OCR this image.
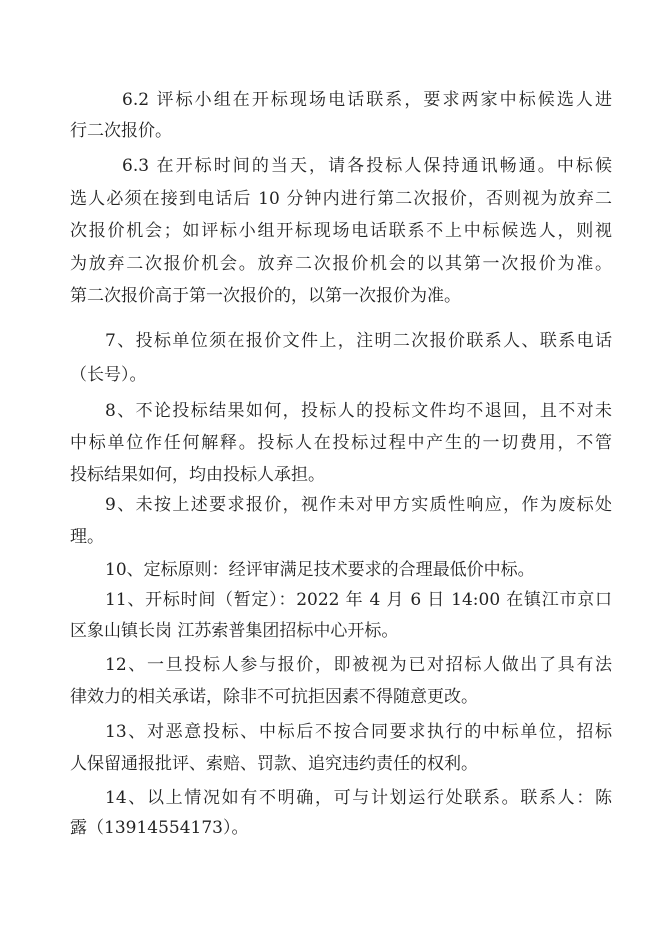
6.2 评标小组在开标现场电话联系，要求两家中标候选人进
行二次报价。
6.3 在开标时间的当天，请各投标人保持通讯畅通。中标候
选人必须在接到电话后 10 分钟内进行第二次报价，否则视为放弃二
次报价机会；如评标小组开标现场电话联系不上中标候选人，则视
为放弃二次报价机会。放弃二次报价机会的以其第一次报价为准。
第二次报价高于第一次报价的，以第一次报价为准。
7、投标单位须在报价文件上，注明二次报价联系人、联系电话
（长号）。
8、不论投标结果如何，投标人的投标文件均不退回，且不对未
中标单位作任何解释。投标人在投标过程中产生的一切费用，不管
投标结果如何，均由投标人承担。
9、未按上述要求报价，视作未对甲方实质性响应，作为废标处
理。
10、定标原则：经评审满足技术要求的合理最低价中标。
11、开标时间（暂定）：2022 年 4 月 6 日 14:00 在镇江市京口
区象山镇长岗 江苏索普集团招标中心开标。
12、一旦投标人参与报价，即被视为已对招标人做出了具有法
律效力的相关承诺，除非不可抗拒因素不得随意更改。
13、对恶意投标、中标后不按合同要求执行的中标单位，招标
人保留通报批评、索赔、罚款、追究违约责任的权利。
14、以上情况如有不明确，可与计划运行处联系。联系人：陈
露（13914554173）。
